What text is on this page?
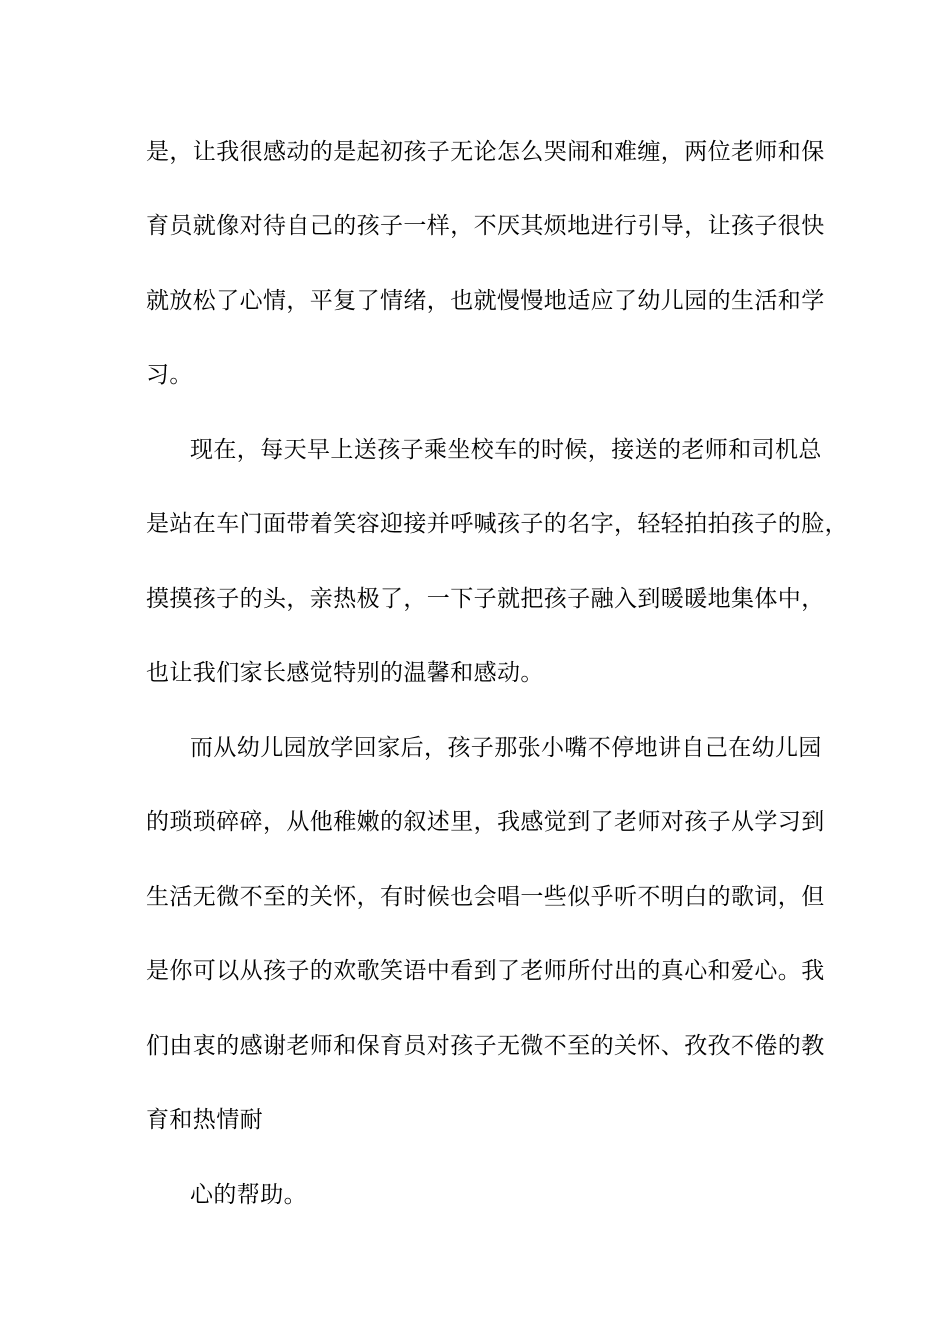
是，让我很感动的是起初孩子无论怎么哭闹和难缠，两位老师和保
育员就像对待自己的孩子一样，不厌其烦地进行引导，让孩子很快
就放松了心情，平复了情绪，也就慢慢地适应了幼儿园的生活和学
习。
现在，每天早上送孩子乘坐校车的时候，接送的老师和司机总
是站在车门面带着笑容迎接并呼喊孩子的名字，轻轻拍拍孩子的脸，
摸摸孩子的头，亲热极了，一下子就把孩子融入到暖暖地集体中，
也让我们家长感觉特别的温馨和感动。
而从幼儿园放学回家后，孩子那张小嘴不停地讲自己在幼儿园
的琐琐碎碎，从他稚嫩的叙述里，我感觉到了老师对孩子从学习到
生活无微不至的关怀，有时候也会唱一些似乎听不明白的歌词，但
是你可以从孩子的欢歌笑语中看到了老师所付出的真心和爱心。我
们由衷的感谢老师和保育员对孩子无微不至的关怀、孜孜不倦的教
育和热情耐
心的帮助。
